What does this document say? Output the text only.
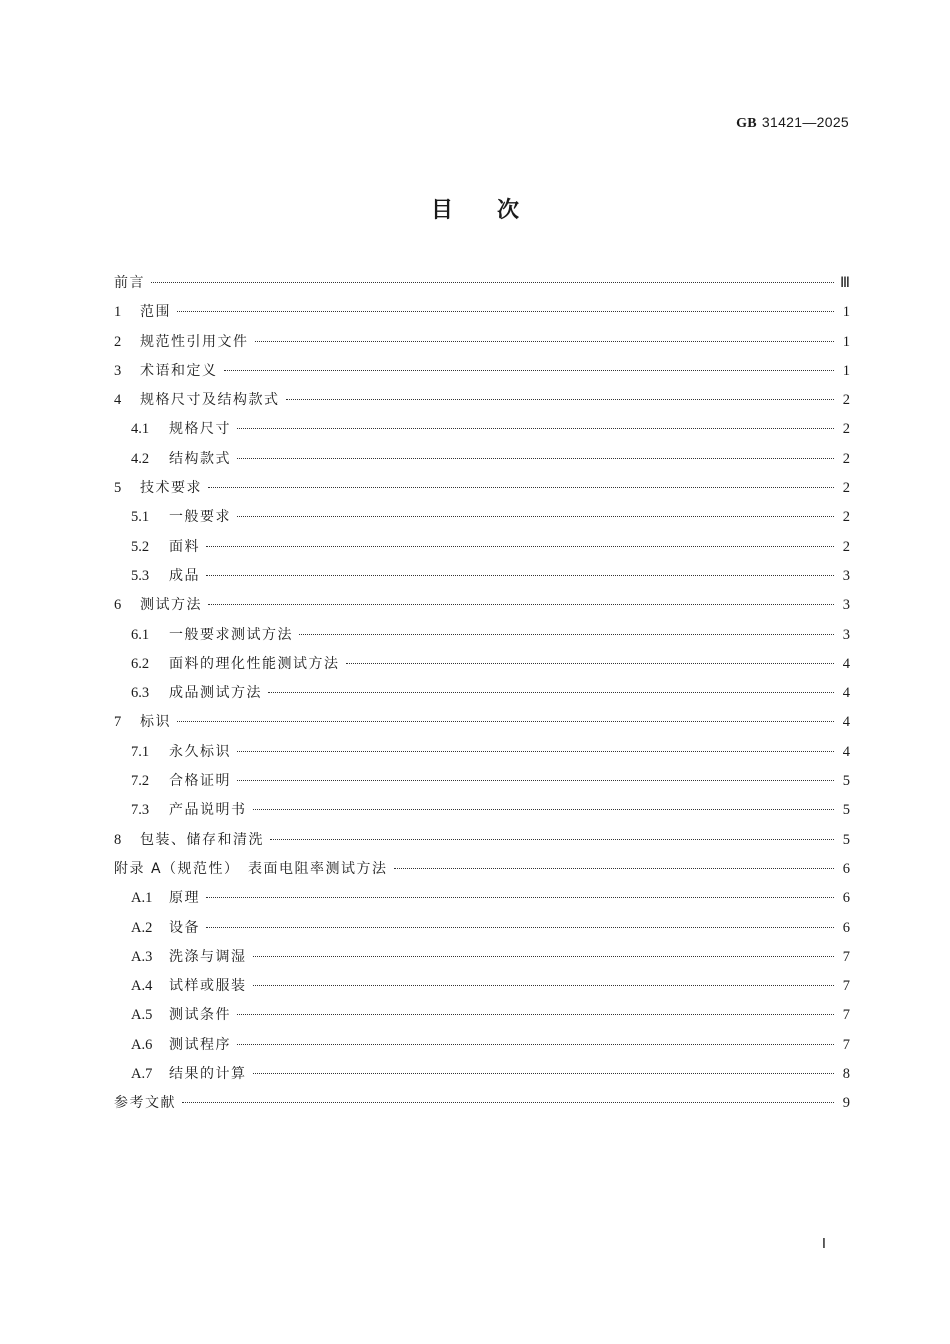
GB 31421—2025
目次
前言	Ⅲ
1	范围	1
2	规范性引用文件	1
3	术语和定义	1
4	规格尺寸及结构款式	2
4.1	规格尺寸	2
4.2	结构款式	2
5	技术要求	2
5.1	一般要求	2
5.2	面料	2
5.3	成品	3
6	测试方法	3
6.1	一般要求测试方法	3
6.2	面料的理化性能测试方法	4
6.3	成品测试方法	4
7	标识	4
7.1	永久标识	4
7.2	合格证明	5
7.3	产品说明书	5
8	包装、储存和清洗	5
附录 A（规范性）　表面电阻率测试方法	6
A.1	原理	6
A.2	设备	6
A.3	洗涤与调湿	7
A.4	试样或服装	7
A.5	测试条件	7
A.6	测试程序	7
A.7	结果的计算	8
参考文献	9
Ⅰ
